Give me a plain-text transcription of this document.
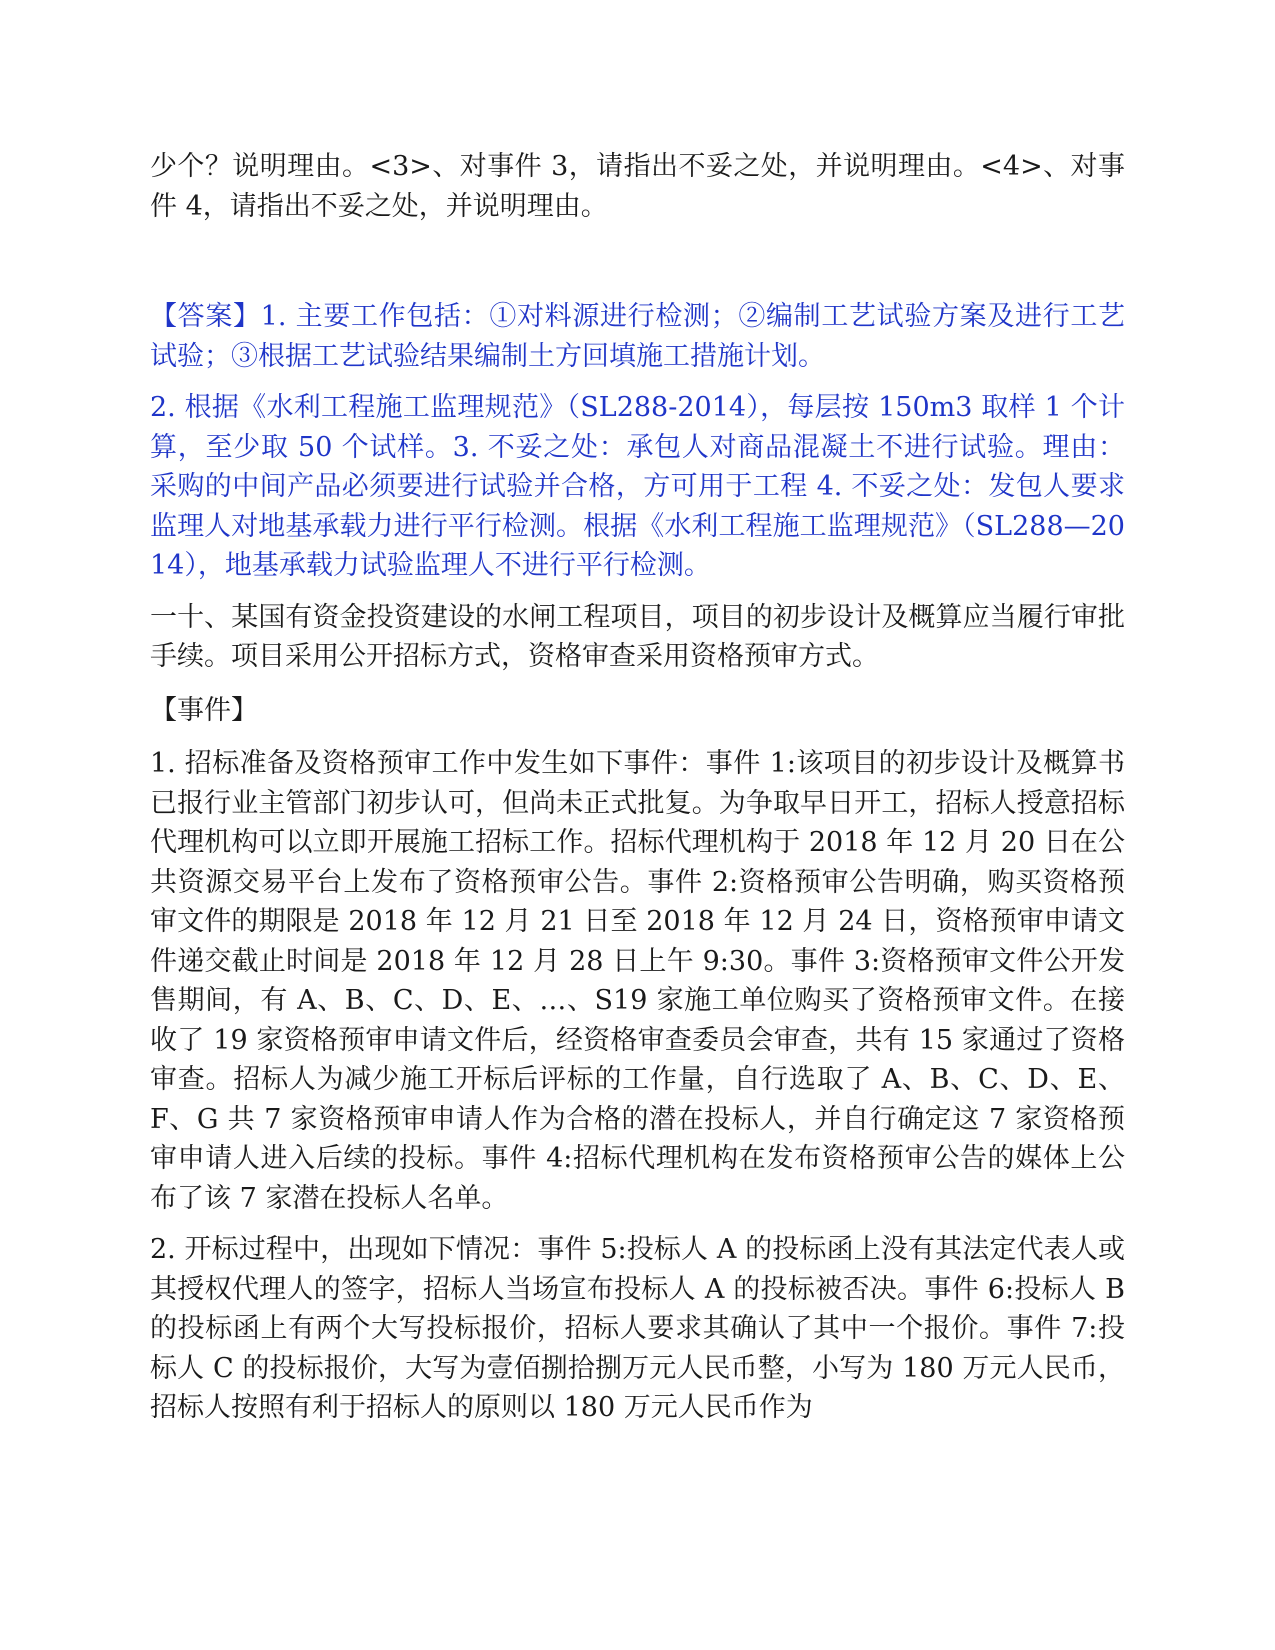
少个？说明理由。<3>、对事件 3，请指出不妥之处，并说明理由。<4>、对事件 4，请指出不妥之处，并说明理由。

【答案】1. 主要工作包括：①对料源进行检测；②编制工艺试验方案及进行工艺试验；③根据工艺试验结果编制土方回填施工措施计划。

2. 根据《水利工程施工监理规范》（SL288-2014），每层按 150m3 取样 1 个计算，至少取 50 个试样。3. 不妥之处：承包人对商品混凝土不进行试验。理由：采购的中间产品必须要进行试验并合格，方可用于工程 4. 不妥之处：发包人要求监理人对地基承载力进行平行检测。根据《水利工程施工监理规范》（SL288—2014），地基承载力试验监理人不进行平行检测。

一十、某国有资金投资建设的水闸工程项目，项目的初步设计及概算应当履行审批手续。项目采用公开招标方式，资格审查采用资格预审方式。

【事件】

1. 招标准备及资格预审工作中发生如下事件：事件 1:该项目的初步设计及概算书已报行业主管部门初步认可，但尚未正式批复。为争取早日开工，招标人授意招标代理机构可以立即开展施工招标工作。招标代理机构于 2018 年 12 月 20 日在公共资源交易平台上发布了资格预审公告。事件 2:资格预审公告明确，购买资格预审文件的期限是 2018 年 12 月 21 日至 2018 年 12 月 24 日，资格预审申请文件递交截止时间是 2018 年 12 月 28 日上午 9:30。事件 3:资格预审文件公开发售期间，有 A、B、C、D、E、…、S19 家施工单位购买了资格预审文件。在接收了 19 家资格预审申请文件后，经资格审查委员会审查，共有 15 家通过了资格审查。招标人为减少施工开标后评标的工作量，自行选取了 A、B、C、D、E、F、G 共 7 家资格预审申请人作为合格的潜在投标人，并自行确定这 7 家资格预审申请人进入后续的投标。事件 4:招标代理机构在发布资格预审公告的媒体上公布了该 7 家潜在投标人名单。

2. 开标过程中，出现如下情况：事件 5:投标人 A 的投标函上没有其法定代表人或其授权代理人的签字，招标人当场宣布投标人 A 的投标被否决。事件 6:投标人 B 的投标函上有两个大写投标报价，招标人要求其确认了其中一个报价。事件 7:投标人 C 的投标报价，大写为壹佰捌拾捌万元人民币整，小写为 180 万元人民币，招标人按照有利于招标人的原则以 180 万元人民币作为
